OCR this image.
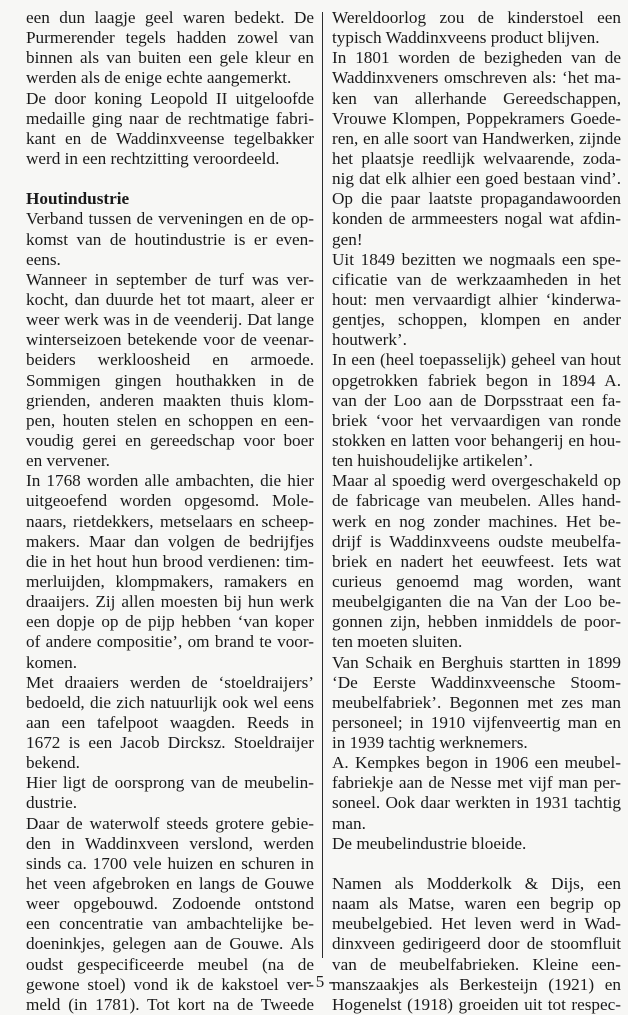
een dun laagje geel waren bedekt. De
Purmerender tegels hadden zowel van
binnen als van buiten een gele kleur en
werden als de enige echte aangemerkt.
De door koning Leopold II uitgeloofde
medaille ging naar de rechtmatige fabri-
kant en de Waddinxveense tegelbakker
werd in een rechtzitting veroordeeld.

Houtindustrie
Verband tussen de verveningen en de op-
komst van de houtindustrie is er even-
eens.
Wanneer in september de turf was ver-
kocht, dan duurde het tot maart, aleer er
weer werk was in de veenderij. Dat lange
winterseizoen betekende voor de veenar-
beiders werkloosheid en armoede.
Sommigen gingen houthakken in de
grienden, anderen maakten thuis klom-
pen, houten stelen en schoppen en een-
voudig gerei en gereedschap voor boer
en vervener.
In 1768 worden alle ambachten, die hier
uitgeoefend worden opgesomd. Mole-
naars, rietdekkers, metselaars en scheep-
makers. Maar dan volgen de bedrijfjes
die in het hout hun brood verdienen: tim-
merluijden, klompmakers, ramakers en
draaijers. Zij allen moesten bij hun werk
een dopje op de pijp hebben ‘van koper
of andere compositie’, om brand te voor-
komen.
Met draaiers werden de ‘stoeldraijers’
bedoeld, die zich natuurlijk ook wel eens
aan een tafelpoot waagden. Reeds in
1672 is een Jacob Dircksz. Stoeldraijer
bekend.
Hier ligt de oorsprong van de meubelin-
dustrie.
Daar de waterwolf steeds grotere gebie-
den in Waddinxveen verslond, werden
sinds ca. 1700 vele huizen en schuren in
het veen afgebroken en langs de Gouwe
weer opgebouwd. Zodoende ontstond
een concentratie van ambachtelijke be-
doeninkjes, gelegen aan de Gouwe. Als
oudst gespecificeerde meubel (na de
gewone stoel) vond ik de kakstoel ver-
meld (in 1781). Tot kort na de Tweede
Wereldoorlog zou de kinderstoel een
typisch Waddinxveens product blijven.
In 1801 worden de bezigheden van de
Waddinxveners omschreven als: ‘het ma-
ken van allerhande Gereedschappen,
Vrouwe Klompen, Poppekramers Goede-
ren, en alle soort van Handwerken, zijnde
het plaatsje reedlijk welvaarende, zoda-
nig dat elk alhier een goed bestaan vind’.
Op die paar laatste propagandawoorden
konden de armmeesters nogal wat afdin-
gen!
Uit 1849 bezitten we nogmaals een spe-
cificatie van de werkzaamheden in het
hout: men vervaardigt alhier ‘kinderwa-
gentjes, schoppen, klompen en ander
houtwerk’.
In een (heel toepasselijk) geheel van hout
opgetrokken fabriek begon in 1894 A.
van der Loo aan de Dorpsstraat een fa-
briek ‘voor het vervaardigen van ronde
stokken en latten voor behangerij en hou-
ten huishoudelijke artikelen’.
Maar al spoedig werd overgeschakeld op
de fabricage van meubelen. Alles hand-
werk en nog zonder machines. Het be-
drijf is Waddinxveens oudste meubelfa-
briek en nadert het eeuwfeest. Iets wat
curieus genoemd mag worden, want
meubelgiganten die na Van der Loo be-
gonnen zijn, hebben inmiddels de poor-
ten moeten sluiten.
Van Schaik en Berghuis startten in 1899
‘De Eerste Waddinxveensche Stoom-
meubelfabriek’. Begonnen met zes man
personeel; in 1910 vijfenveertig man en
in 1939 tachtig werknemers.
A. Kempkes begon in 1906 een meubel-
fabriekje aan de Nesse met vijf man per-
soneel. Ook daar werkten in 1931 tachtig
man.
De meubelindustrie bloeide.

Namen als Modderkolk & Dijs, een
naam als Matse, waren een begrip op
meubelgebied. Het leven werd in Wad-
dinxveen gedirigeerd door de stoomfluit
van de meubelfabrieken. Kleine een-
manszaakjes als Berkesteijn (1921) en
Hogenelst (1918) groeiden uit tot respec-
- 5 -
